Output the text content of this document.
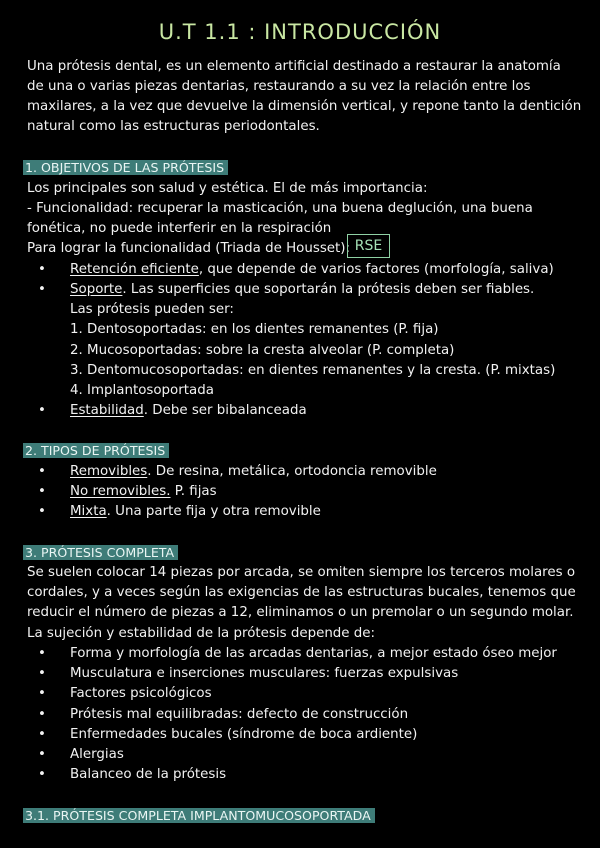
U.T 1.1 : INTRODUCCIÓN
Una prótesis dental, es un elemento artificial destinado a restaurar la anatomía
de una o varias piezas dentarias, restaurando a su vez la relación entre los
maxilares, a la vez que devuelve la dimensión vertical, y repone tanto la dentición
natural como las estructuras periodontales.
1. OBJETIVOS DE LAS PRÓTESIS
Los principales son salud y estética. El de más importancia:
- Funcionalidad: recuperar la masticación, una buena deglución, una buena
fonética, no puede interferir en la respiración
Para lograr la funcionalidad (Triada de Housset): RSE
• Retención eficiente, que depende de varios factores (morfología, saliva)
• Soporte. Las superficies que soportarán la prótesis deben ser fiables.
Las prótesis pueden ser:
1. Dentosoportadas: en los dientes remanentes (P. fija)
2. Mucosoportadas: sobre la cresta alveolar (P. completa)
3. Dentomucosoportadas: en dientes remanentes y la cresta. (P. mixtas)
4. Implantosoportada
• Estabilidad. Debe ser bibalanceada
2. TIPOS DE PRÓTESIS
• Removibles. De resina, metálica, ortodoncia removible
• No removibles. P. fijas
• Mixta. Una parte fija y otra removible
3. PRÓTESIS COMPLETA
Se suelen colocar 14 piezas por arcada, se omiten siempre los terceros molares o
cordales, y a veces según las exigencias de las estructuras bucales, tenemos que
reducir el número de piezas a 12, eliminamos o un premolar o un segundo molar.
La sujeción y estabilidad de la prótesis depende de:
• Forma y morfología de las arcadas dentarias, a mejor estado óseo mejor
• Musculatura e inserciones musculares: fuerzas expulsivas
• Factores psicológicos
• Prótesis mal equilibradas: defecto de construcción
• Enfermedades bucales (síndrome de boca ardiente)
• Alergias
• Balanceo de la prótesis
3.1. PRÓTESIS COMPLETA IMPLANTOMUCOSOPORTADA
